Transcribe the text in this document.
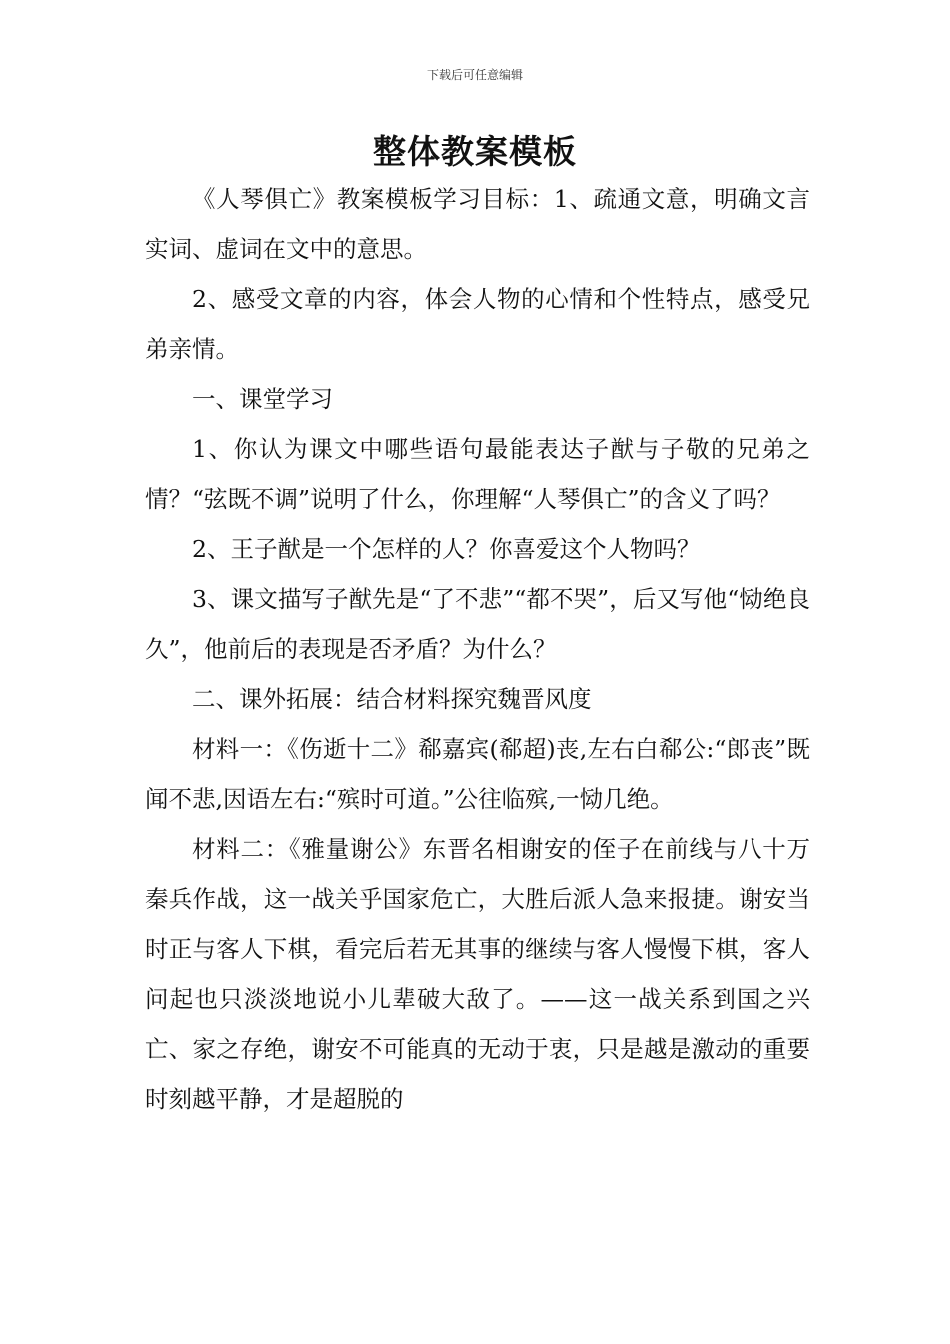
下载后可任意编辑
整体教案模板

《人琴俱亡》教案模板学习目标：1、疏通文意，明确文言实词、虚词在文中的意思。

2、感受文章的内容，体会人物的心情和个性特点，感受兄弟亲情。

一、课堂学习

1、你认为课文中哪些语句最能表达子猷与子敬的兄弟之情？“弦既不调”说明了什么，你理解“人琴俱亡”的含义了吗？

2、王子猷是一个怎样的人？你喜爱这个人物吗？

3、课文描写子猷先是“了不悲”“都不哭”，后又写他“恸绝良久”，他前后的表现是否矛盾？为什么？

二、课外拓展：结合材料探究魏晋风度

材料一：《伤逝十二》郗嘉宾(郗超)丧,左右白郗公:“郎丧”既闻不悲,因语左右:“殡时可道。”公往临殡,一恸几绝。

材料二：《雅量谢公》东晋名相谢安的侄子在前线与八十万秦兵作战，这一战关乎国家危亡，大胜后派人急来报捷。谢安当时正与客人下棋，看完后若无其事的继续与客人慢慢下棋，客人问起也只淡淡地说小儿辈破大敌了。——这一战关系到国之兴亡、家之存绝，谢安不可能真的无动于衷，只是越是激动的重要时刻越平静，才是超脱的
